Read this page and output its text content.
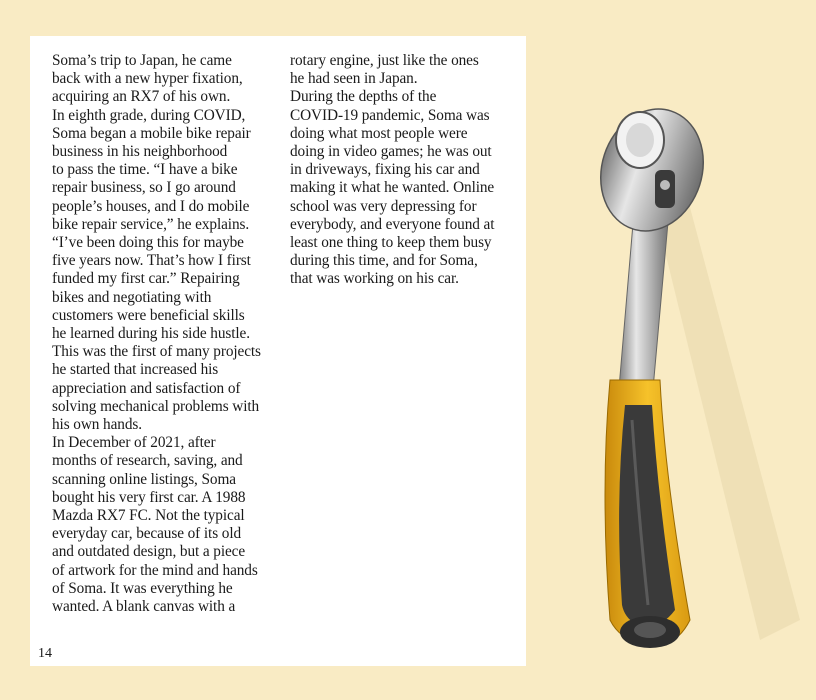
Soma’s trip to Japan, he came
back with a new hyper fixation,
acquiring an RX7 of his own.
In eighth grade, during COVID,
Soma began a mobile bike repair
business in his neighborhood
to pass the time. “I have a bike
repair business, so I go around
people’s houses, and I do mobile
bike repair service,” he explains.
“I’ve been doing this for maybe
five years now. That’s how I first
funded my first car.” Repairing
bikes and negotiating with
customers were beneficial skills
he learned during his side hustle.
This was the first of many projects
he started that increased his
appreciation and satisfaction of
solving mechanical problems with
his own hands.
In December of 2021, after
months of research, saving, and
scanning online listings, Soma
bought his very first car. A 1988
Mazda RX7 FC. Not the typical
everyday car, because of its old
and outdated design, but a piece
of artwork for the mind and hands
of Soma. It was everything he
wanted. A blank canvas with a
rotary engine, just like the ones
he had seen in Japan.
During the depths of the
COVID-19 pandemic, Soma was
doing what most people were
doing in video games; he was out
in driveways, fixing his car and
making it what he wanted. Online
school was very depressing for
everybody, and everyone found at
least one thing to keep them busy
during this time, and for Soma,
that was working on his car.
14
